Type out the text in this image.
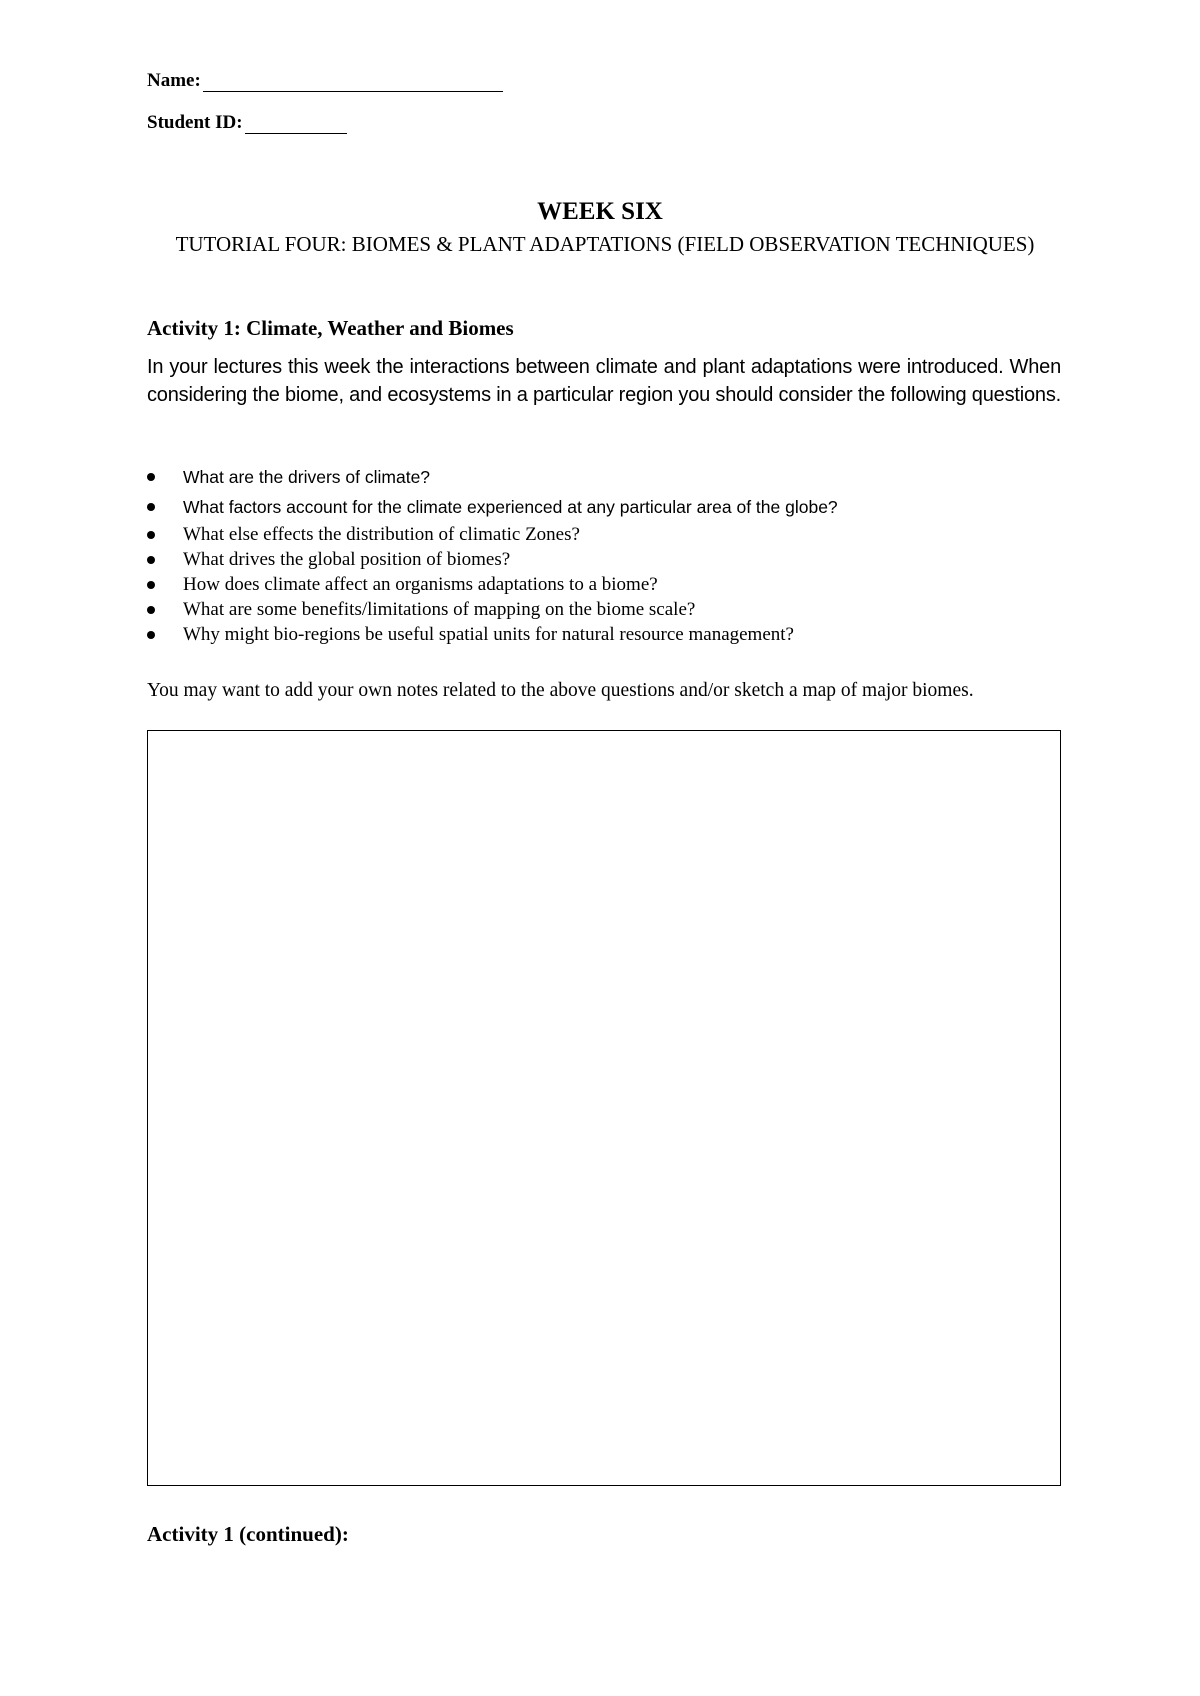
Name:
Student ID:
WEEK SIX
TUTORIAL FOUR: BIOMES & PLANT ADAPTATIONS (FIELD OBSERVATION TECHNIQUES)
Activity 1: Climate, Weather and Biomes
In your lectures this week the interactions between climate and plant adaptations were introduced. When considering the biome, and ecosystems in a particular region you should consider the following questions.
What are the drivers of climate?
What factors account for the climate experienced at any particular area of the globe?
What else effects the distribution of climatic Zones?
What drives the global position of biomes?
How does climate affect an organisms adaptations to a biome?
What are some benefits/limitations of mapping on the biome scale?
Why might bio-regions be useful spatial units for natural resource management?
You may want to add your own notes related to the above questions and/or sketch a map of major biomes.
Activity 1 (continued):
